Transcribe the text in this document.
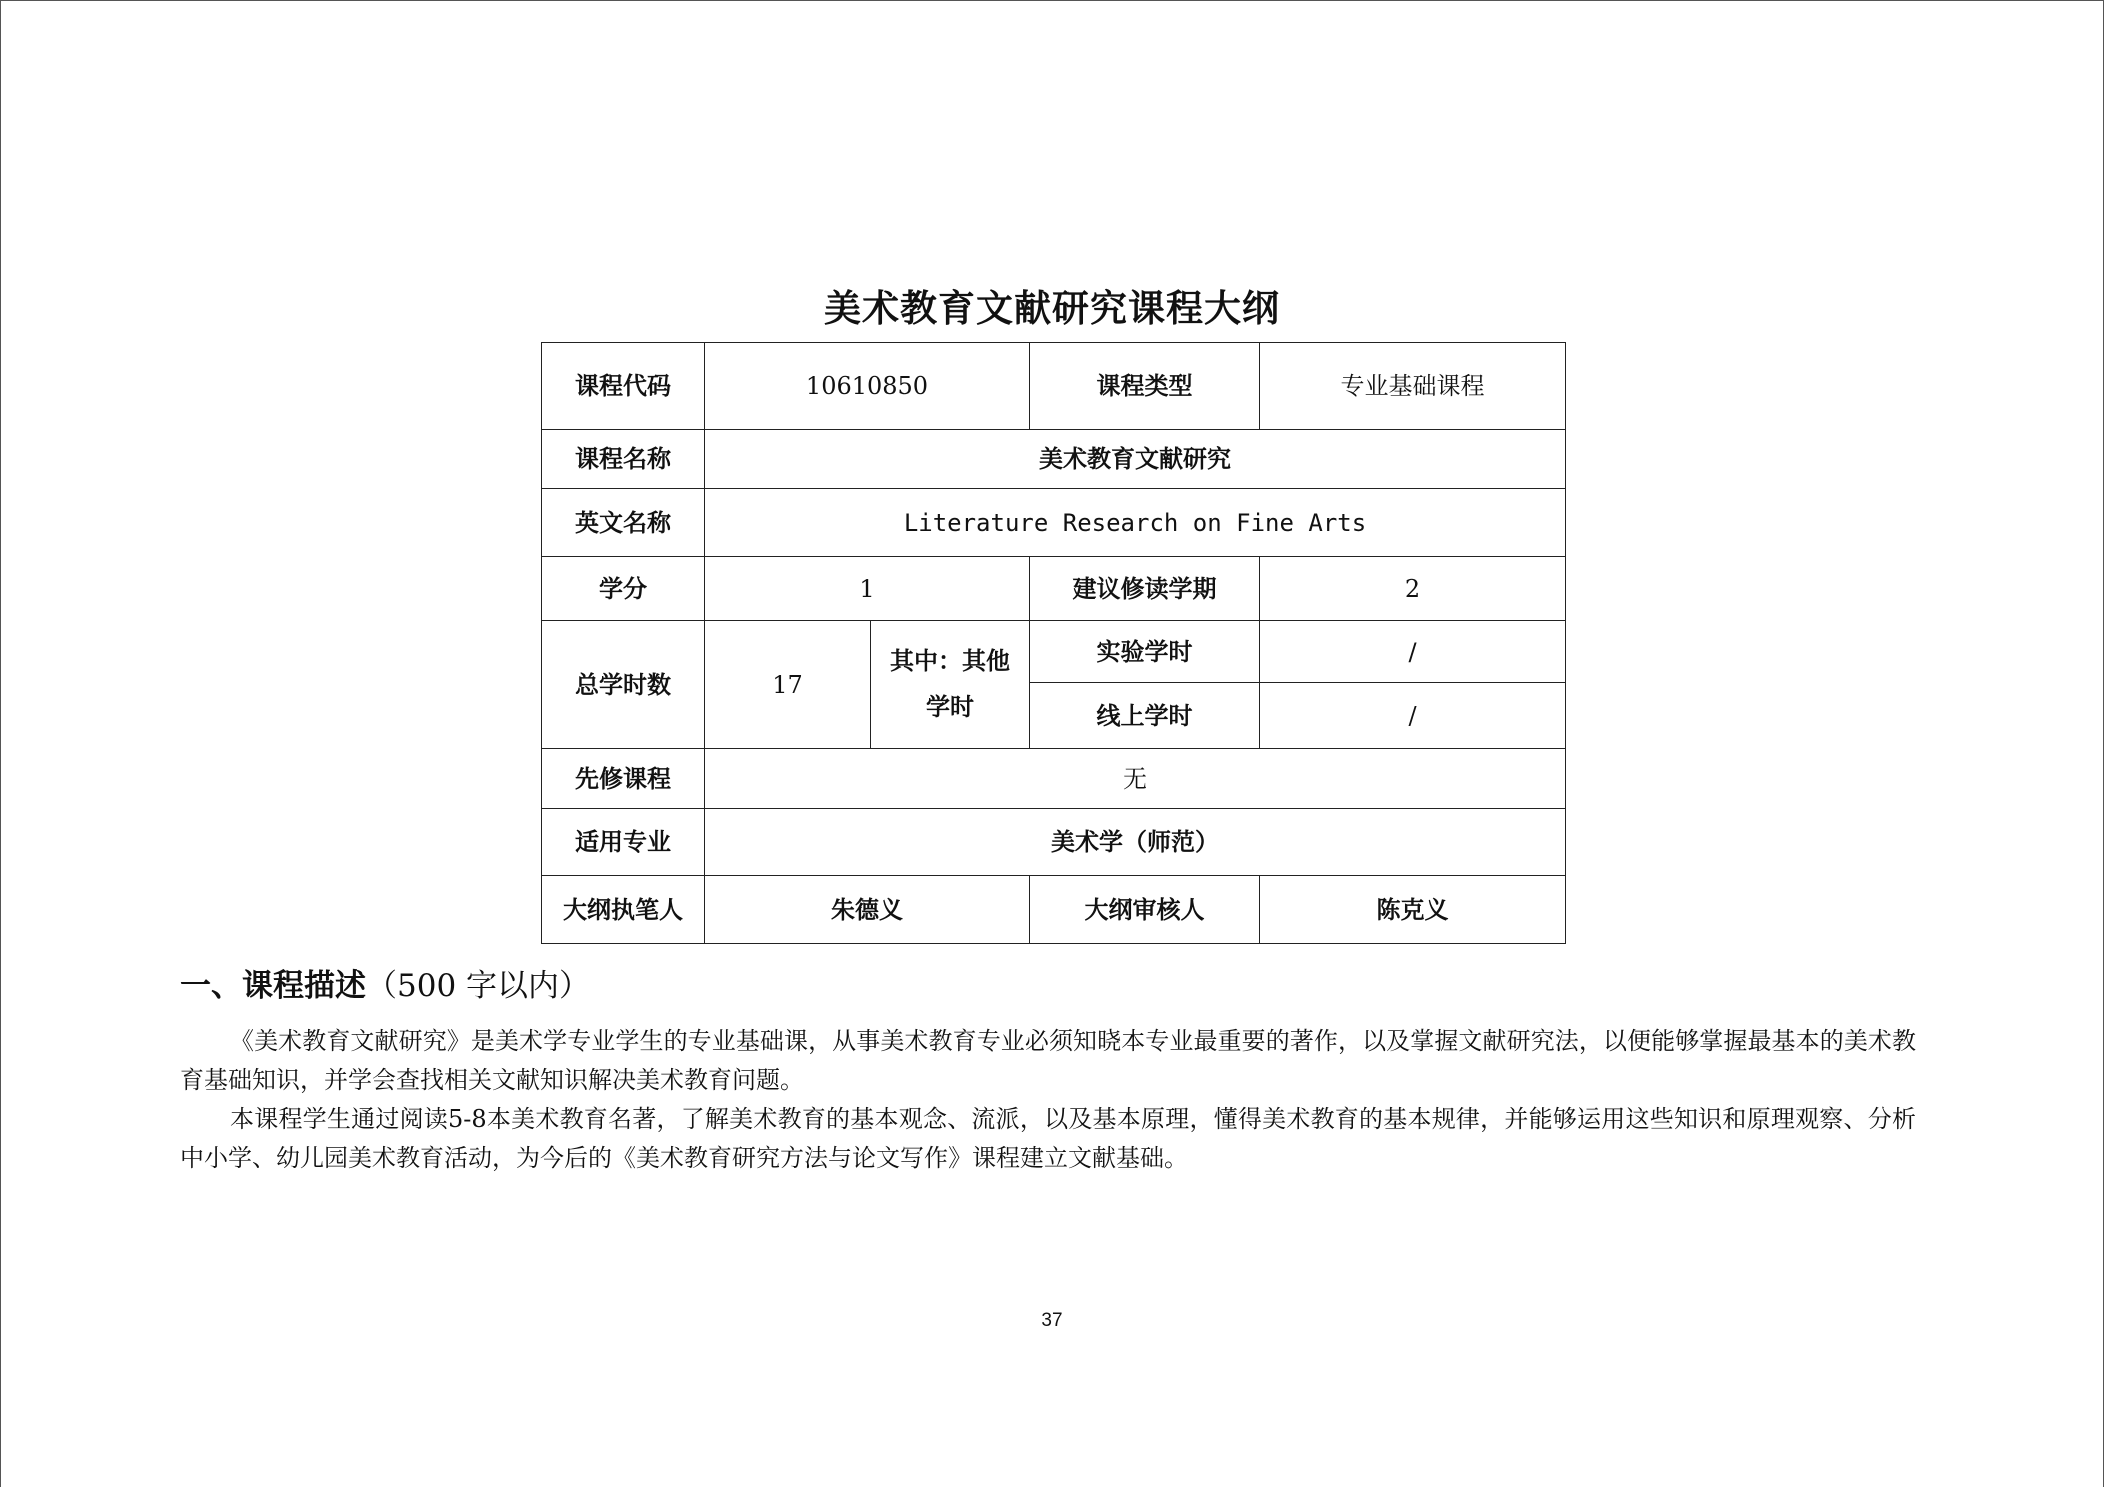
美术教育文献研究课程大纲
课程代码	10610850		课程类型	专业基础课程
课程名称	美术教育文献研究			
英文名称	Literature Research on Fine Arts			
学分	1		建议修读学期	2
总学时数	17	其中：其他学时	实验学时	/
			线上学时	/
先修课程	无			
适用专业	美术学（师范）			
大纲执笔人	朱德义		大纲审核人	陈克义
一、课程描述（500 字以内）

《美术教育文献研究》是美术学专业学生的专业基础课，从事美术教育专业必须知晓本专业最重要的著作，以及掌握文献研究法，以便能够掌握最基本的美术教育基础知识，并学会查找相关文献知识解决美术教育问题。

本课程学生通过阅读5-8本美术教育名著，了解美术教育的基本观念、流派，以及基本原理，懂得美术教育的基本规律，并能够运用这些知识和原理观察、分析中小学、幼儿园美术教育活动，为今后的《美术教育研究方法与论文写作》课程建立文献基础。

37
